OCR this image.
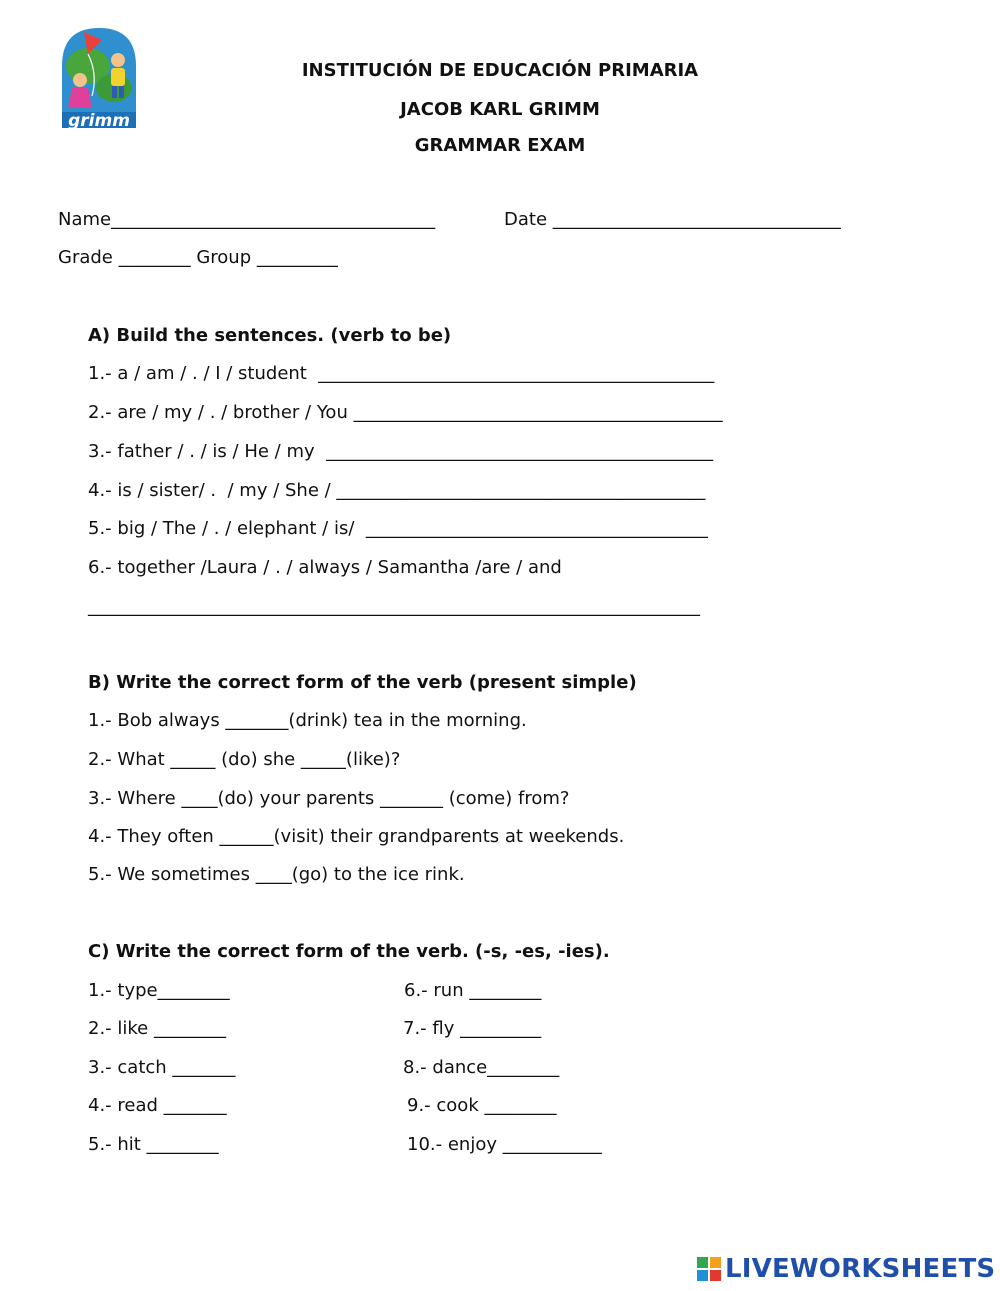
grimm
INSTITUCIÓN DE EDUCACIÓN PRIMARIA
JACOB KARL GRIMM
GRAMMAR EXAM
Name____________________________________	Date ________________________________
Grade ________ Group _________
A) Build the sentences. (verb to be)
1.- a / am / . / I / student  ____________________________________________
2.- are / my / . / brother / You _________________________________________
3.- father / . / is / He / my  ___________________________________________
4.- is / sister/ .  / my / She / _________________________________________
5.- big / The / . / elephant / is/  ______________________________________
6.- together /Laura / . / always / Samantha /are / and
____________________________________________________________________
B) Write the correct form of the verb (present simple)
1.- Bob always _______(drink) tea in the morning.
2.- What _____ (do) she _____(like)?
3.- Where ____(do) your parents _______ (come) from?
4.- They often ______(visit) their grandparents at weekends.
5.- We sometimes ____(go) to the ice rink.
C) Write the correct form of the verb. (-s, -es, -ies).
1.- type________
2.- like ________
3.- catch _______
4.- read _______
5.- hit ________
6.- run ________
7.- fly _________
8.- dance________
9.- cook ________
10.- enjoy ___________
LIVEWORKSHEETS
